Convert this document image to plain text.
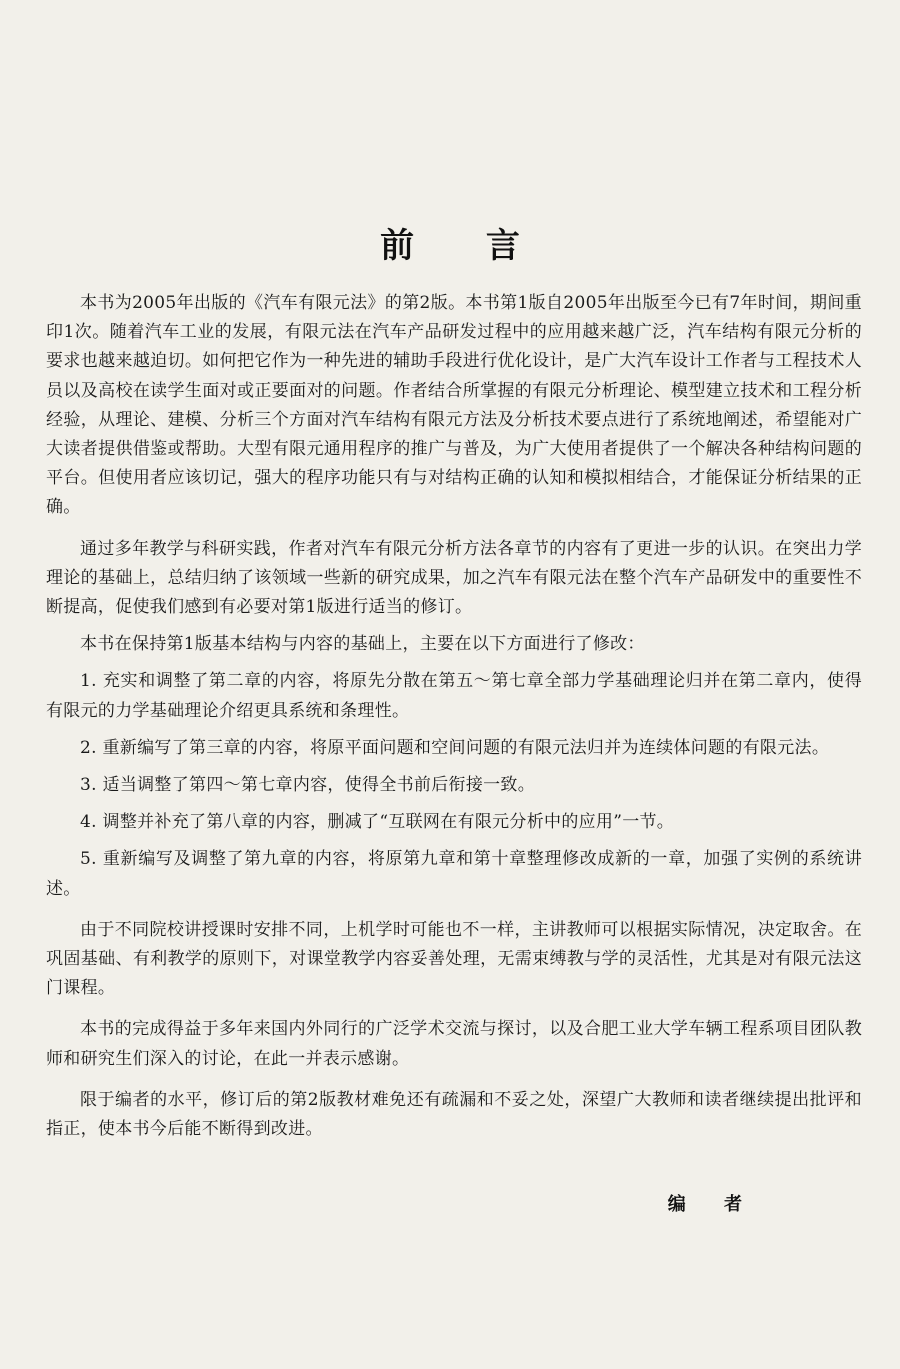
前 言

本书为2005年出版的《汽车有限元法》的第2版。本书第1版自2005年出版至今已有7年时间，期间重印1次。随着汽车工业的发展，有限元法在汽车产品研发过程中的应用越来越广泛，汽车结构有限元分析的要求也越来越迫切。如何把它作为一种先进的辅助手段进行优化设计，是广大汽车设计工作者与工程技术人员以及高校在读学生面对或正要面对的问题。作者结合所掌握的有限元分析理论、模型建立技术和工程分析经验，从理论、建模、分析三个方面对汽车结构有限元方法及分析技术要点进行了系统地阐述，希望能对广大读者提供借鉴或帮助。大型有限元通用程序的推广与普及，为广大使用者提供了一个解决各种结构问题的平台。但使用者应该切记，强大的程序功能只有与对结构正确的认知和模拟相结合，才能保证分析结果的正确。

通过多年教学与科研实践，作者对汽车有限元分析方法各章节的内容有了更进一步的认识。在突出力学理论的基础上，总结归纳了该领域一些新的研究成果，加之汽车有限元法在整个汽车产品研发中的重要性不断提高，促使我们感到有必要对第1版进行适当的修订。

本书在保持第1版基本结构与内容的基础上，主要在以下方面进行了修改：

1. 充实和调整了第二章的内容，将原先分散在第五～第七章全部力学基础理论归并在第二章内，使得有限元的力学基础理论介绍更具系统和条理性。

2. 重新编写了第三章的内容，将原平面问题和空间问题的有限元法归并为连续体问题的有限元法。

3. 适当调整了第四～第七章内容，使得全书前后衔接一致。

4. 调整并补充了第八章的内容，删减了“互联网在有限元分析中的应用”一节。

5. 重新编写及调整了第九章的内容，将原第九章和第十章整理修改成新的一章，加强了实例的系统讲述。

由于不同院校讲授课时安排不同，上机学时可能也不一样，主讲教师可以根据实际情况，决定取舍。在巩固基础、有利教学的原则下，对课堂教学内容妥善处理，无需束缚教与学的灵活性，尤其是对有限元法这门课程。

本书的完成得益于多年来国内外同行的广泛学术交流与探讨，以及合肥工业大学车辆工程系项目团队教师和研究生们深入的讨论，在此一并表示感谢。

限于编者的水平，修订后的第2版教材难免还有疏漏和不妥之处，深望广大教师和读者继续提出批评和指正，使本书今后能不断得到改进。

编 者
